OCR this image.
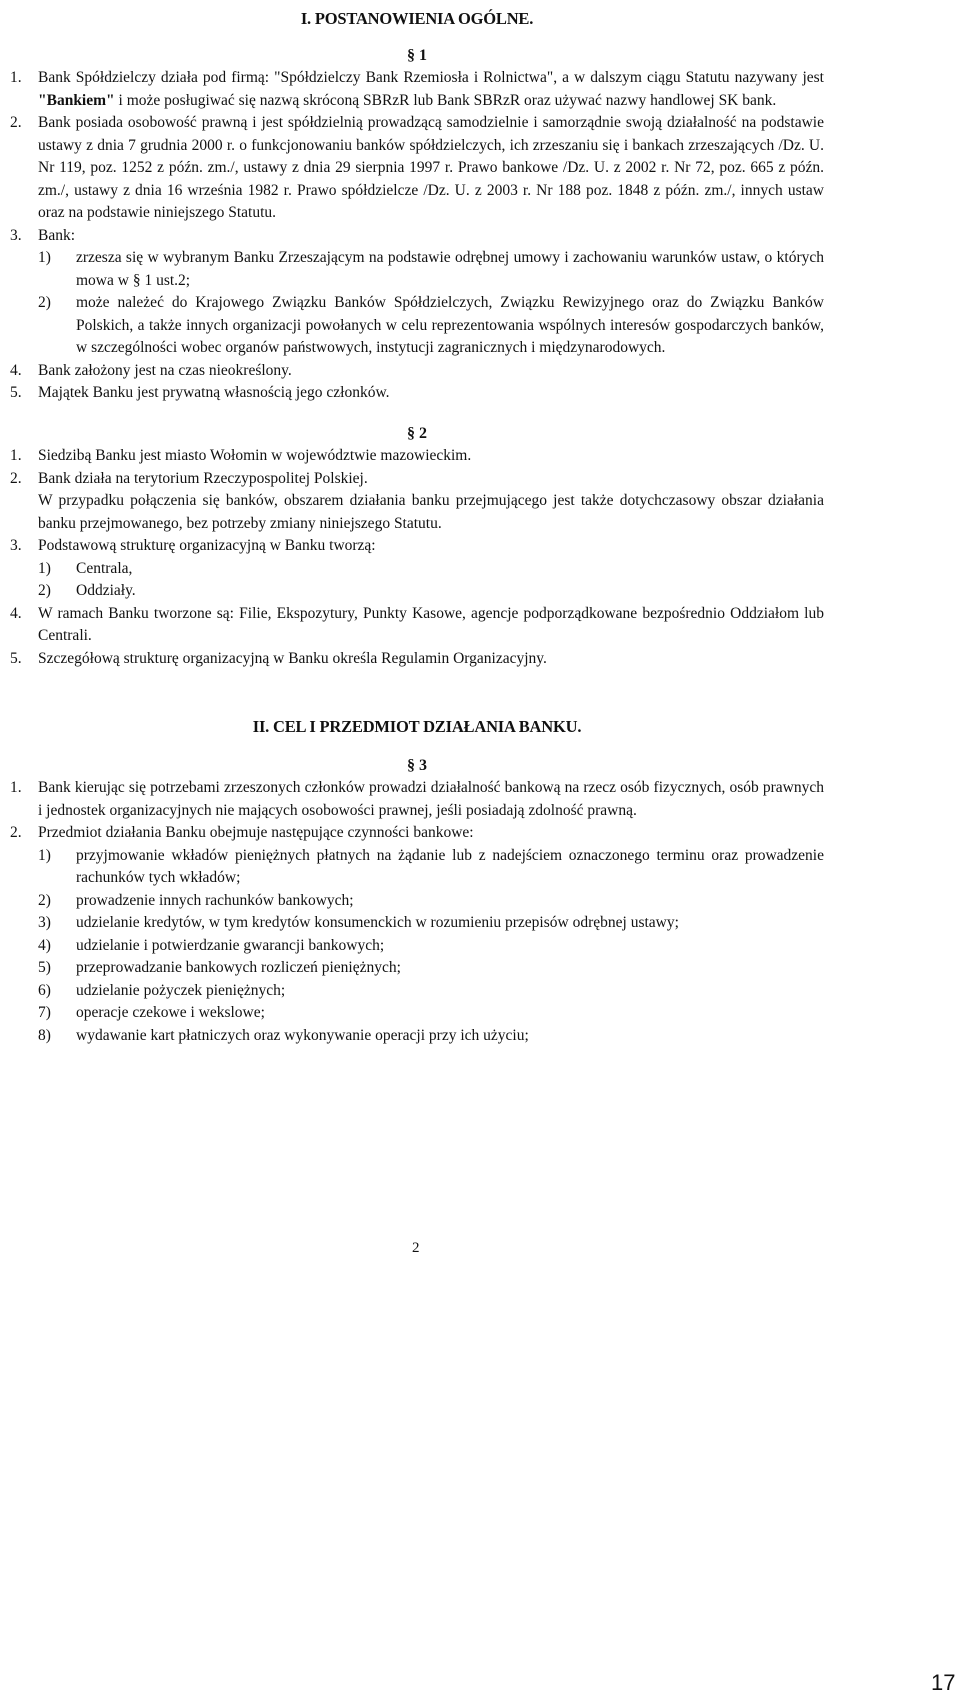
I. POSTANOWIENIA OGÓLNE.
§ 1
1.	Bank Spółdzielczy działa pod firmą: "Spółdzielczy Bank Rzemiosła i Rolnictwa", a w dalszym ciągu Statutu nazywany jest "Bankiem" i może posługiwać się nazwą skróconą SBRzR lub Bank SBRzR oraz używać nazwy handlowej SK bank.
2.	Bank posiada osobowość prawną i jest spółdzielnią prowadzącą samodzielnie i samorządnie swoją działalność na podstawie ustawy z dnia 7 grudnia 2000 r. o funkcjonowaniu banków spółdzielczych, ich zrzeszaniu się i bankach zrzeszających /Dz. U. Nr 119, poz. 1252 z późn. zm./, ustawy z dnia 29 sierpnia 1997 r. Prawo bankowe /Dz. U. z 2002 r. Nr 72, poz. 665 z późn. zm./, ustawy z dnia 16 września 1982 r. Prawo spółdzielcze /Dz. U. z 2003 r. Nr 188 poz. 1848 z późn. zm./, innych ustaw oraz na podstawie niniejszego Statutu.
3.	Bank:
1)	zrzesza się w wybranym Banku Zrzeszającym na podstawie odrębnej umowy i zachowaniu warunków ustaw, o których mowa w § 1 ust.2;
2)	może należeć do Krajowego Związku Banków Spółdzielczych, Związku Rewizyjnego oraz do Związku Banków Polskich, a także innych organizacji powołanych w celu reprezentowania wspólnych interesów gospodarczych banków, w szczególności wobec organów państwowych, instytucji zagranicznych i międzynarodowych.
4.	Bank założony jest na czas nieokreślony.
5.	Majątek Banku jest prywatną własnością jego członków.
§ 2
1.	Siedzibą Banku jest miasto Wołomin w województwie mazowieckim.
2.	Bank działa na terytorium Rzeczypospolitej Polskiej.
W przypadku połączenia się banków, obszarem działania banku przejmującego jest także dotychczasowy obszar działania banku przejmowanego, bez potrzeby zmiany niniejszego Statutu.
3.	Podstawową strukturę organizacyjną w Banku tworzą:
1)	Centrala,
2)	Oddziały.
4.	W ramach Banku tworzone są: Filie, Ekspozytury, Punkty Kasowe, agencje podporządkowane bezpośrednio Oddziałom lub Centrali.
5.	Szczegółową strukturę organizacyjną w Banku określa Regulamin Organizacyjny.
II. CEL I PRZEDMIOT DZIAŁANIA BANKU.
§ 3
1.	Bank kierując się potrzebami zrzeszonych członków prowadzi działalność bankową na rzecz osób fizycznych, osób prawnych i jednostek organizacyjnych nie mających osobowości prawnej, jeśli posiadają zdolność prawną.
2.	Przedmiot działania Banku obejmuje następujące czynności bankowe:
1)	przyjmowanie wkładów pieniężnych płatnych na żądanie lub z nadejściem oznaczonego terminu oraz prowadzenie rachunków tych wkładów;
2)	prowadzenie innych rachunków bankowych;
3)	udzielanie kredytów, w tym kredytów konsumenckich w rozumieniu przepisów odrębnej ustawy;
4)	udzielanie i potwierdzanie gwarancji bankowych;
5)	przeprowadzanie bankowych rozliczeń pieniężnych;
6)	udzielanie pożyczek pieniężnych;
7)	operacje czekowe i wekslowe;
8)	wydawanie kart płatniczych oraz wykonywanie operacji przy ich użyciu;
2
17
